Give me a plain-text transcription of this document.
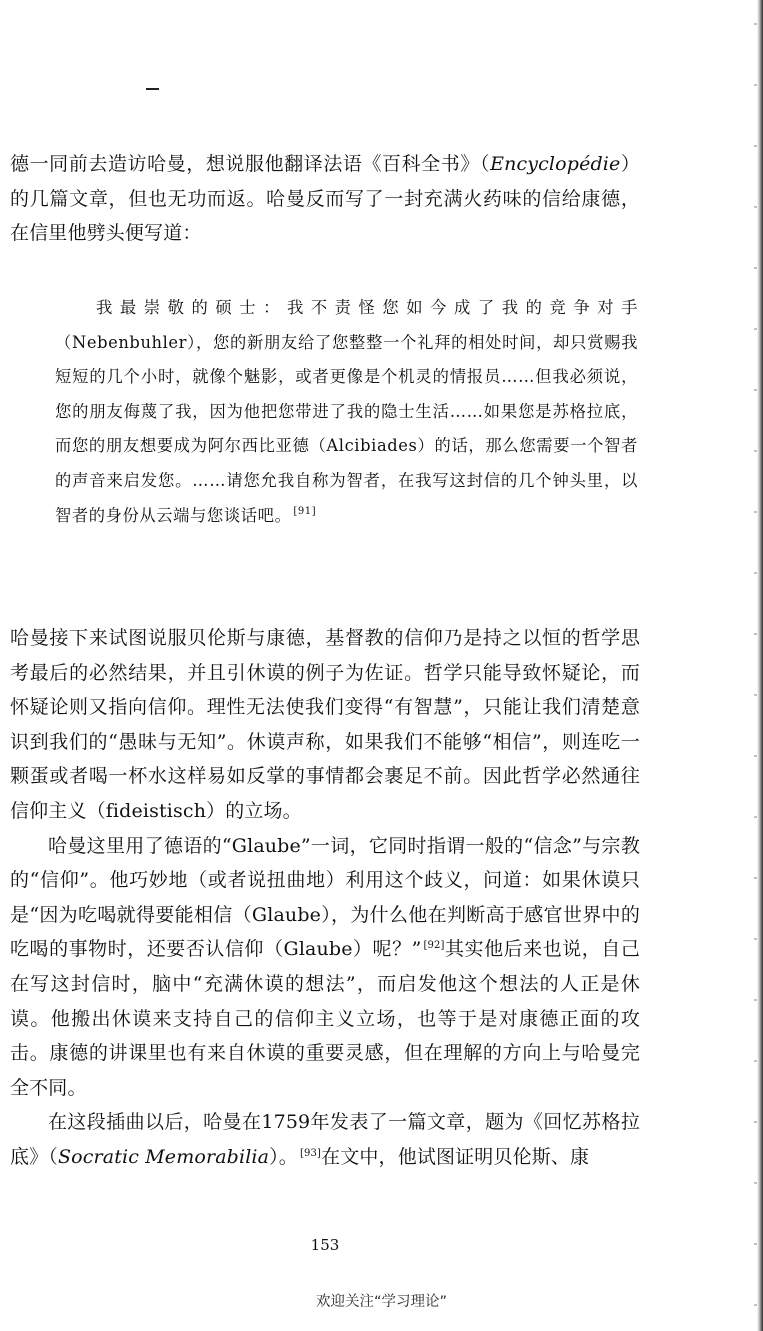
德一同前去造访哈曼，想说服他翻译法语《百科全书》（Encyclopédie）的几篇文章，但也无功而返。哈曼反而写了一封充满火药味的信给康德，在信里他劈头便写道：

我最崇敬的硕士：我不责怪您如今成了我的竞争对手（Nebenbuhler），您的新朋友给了您整整一个礼拜的相处时间，却只赏赐我短短的几个小时，就像个魅影，或者更像是个机灵的情报员……但我必须说，您的朋友侮蔑了我，因为他把您带进了我的隐士生活……如果您是苏格拉底，而您的朋友想要成为阿尔西比亚德（Alcibiades）的话，那么您需要一个智者的声音来启发您。……请您允我自称为智者，在我写这封信的几个钟头里，以智者的身份从云端与您谈话吧。 [91]

哈曼接下来试图说服贝伦斯与康德，基督教的信仰乃是持之以恒的哲学思考最后的必然结果，并且引休谟的例子为佐证。哲学只能导致怀疑论，而怀疑论则又指向信仰。理性无法使我们变得“有智慧”，只能让我们清楚意识到我们的“愚昧与无知”。休谟声称，如果我们不能够“相信”，则连吃一颗蛋或者喝一杯水这样易如反掌的事情都会裹足不前。因此哲学必然通往信仰主义（fideistisch）的立场。

哈曼这里用了德语的“Glaube”一词，它同时指谓一般的“信念”与宗教的“信仰”。他巧妙地（或者说扭曲地）利用这个歧义，问道：如果休谟只是“因为吃喝就得要能相信（Glaube），为什么他在判断高于感官世界中的吃喝的事物时，还要否认信仰（Glaube）呢？” [92]其实他后来也说，自己在写这封信时，脑中“充满休谟的想法”，而启发他这个想法的人正是休谟。他搬出休谟来支持自己的信仰主义立场，也等于是对康德正面的攻击。康德的讲课里也有来自休谟的重要灵感，但在理解的方向上与哈曼完全不同。

在这段插曲以后，哈曼在1759年发表了一篇文章，题为《回忆苏格拉底》（Socratic Memorabilia）。 [93]在文中，他试图证明贝伦斯、康

153
欢迎关注“学习理论”
